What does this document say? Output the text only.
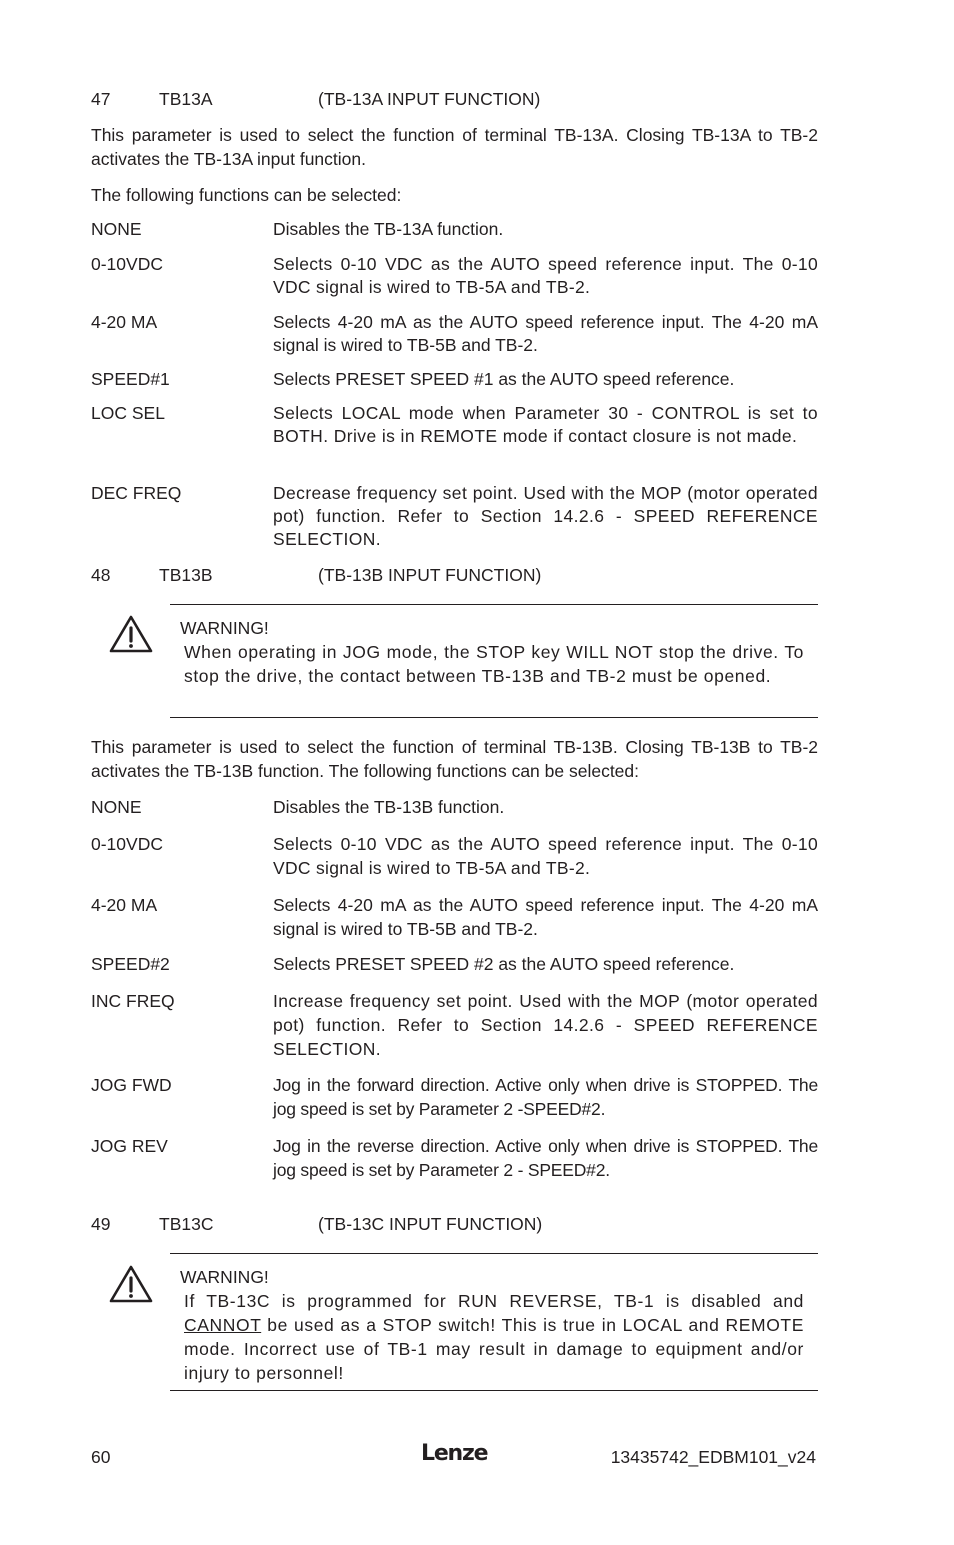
47	TB13A	(TB-13A INPUT FUNCTION)
This parameter is used to select the function of terminal TB-13A. Closing TB-13A to TB-2 activates the TB-13A input function.
The following functions can be selected:
NONE	Disables the TB-13A function.
0-10VDC	Selects 0-10 VDC as the AUTO speed reference input. The 0-10 VDC signal is wired to TB-5A and TB-2.
4-20 MA	Selects 4-20 mA as the AUTO speed reference input. The 4-20 mA signal is wired to TB-5B and TB-2.
SPEED#1	Selects PRESET SPEED #1 as the AUTO speed reference.
LOC SEL	Selects LOCAL mode when Parameter 30 - CONTROL is set to BOTH. Drive is in REMOTE mode if contact closure is not made.
DEC FREQ	Decrease frequency set point. Used with the MOP (motor operated pot) function. Refer to Section 14.2.6 - SPEED REFERENCE SELECTION.
48	TB13B	(TB-13B INPUT FUNCTION)
WARNING!
When operating in JOG mode, the STOP key WILL NOT stop the drive. To stop the drive, the contact between TB-13B and TB-2 must be opened.
This parameter is used to select the function of terminal TB-13B. Closing TB-13B to TB-2 activates the TB-13B function. The following functions can be selected:
NONE	Disables the TB-13B function.
0-10VDC	Selects 0-10 VDC as the AUTO speed reference input. The 0-10 VDC signal is wired to TB-5A and TB-2.
4-20 MA	Selects 4-20 mA as the AUTO speed reference input. The 4-20 mA signal is wired to TB-5B and TB-2.
SPEED#2	Selects PRESET SPEED #2 as the AUTO speed reference.
INC FREQ	Increase frequency set point. Used with the MOP (motor operated pot) function. Refer to Section 14.2.6 - SPEED REFERENCE SELECTION.
JOG FWD	Jog in the forward direction. Active only when drive is STOPPED. The jog speed is set by Parameter 2 -SPEED#2.
JOG REV	Jog in the reverse direction. Active only when drive is STOPPED. The jog speed is set by Parameter 2 - SPEED#2.
49	TB13C	(TB-13C INPUT FUNCTION)
WARNING!
If TB-13C is programmed for RUN REVERSE, TB-1 is disabled and CANNOT be used as a STOP switch! This is true in LOCAL and REMOTE mode. Incorrect use of TB-1 may result in damage to equipment and/or injury to personnel!
60	Lenze	13435742_EDBM101_v24
